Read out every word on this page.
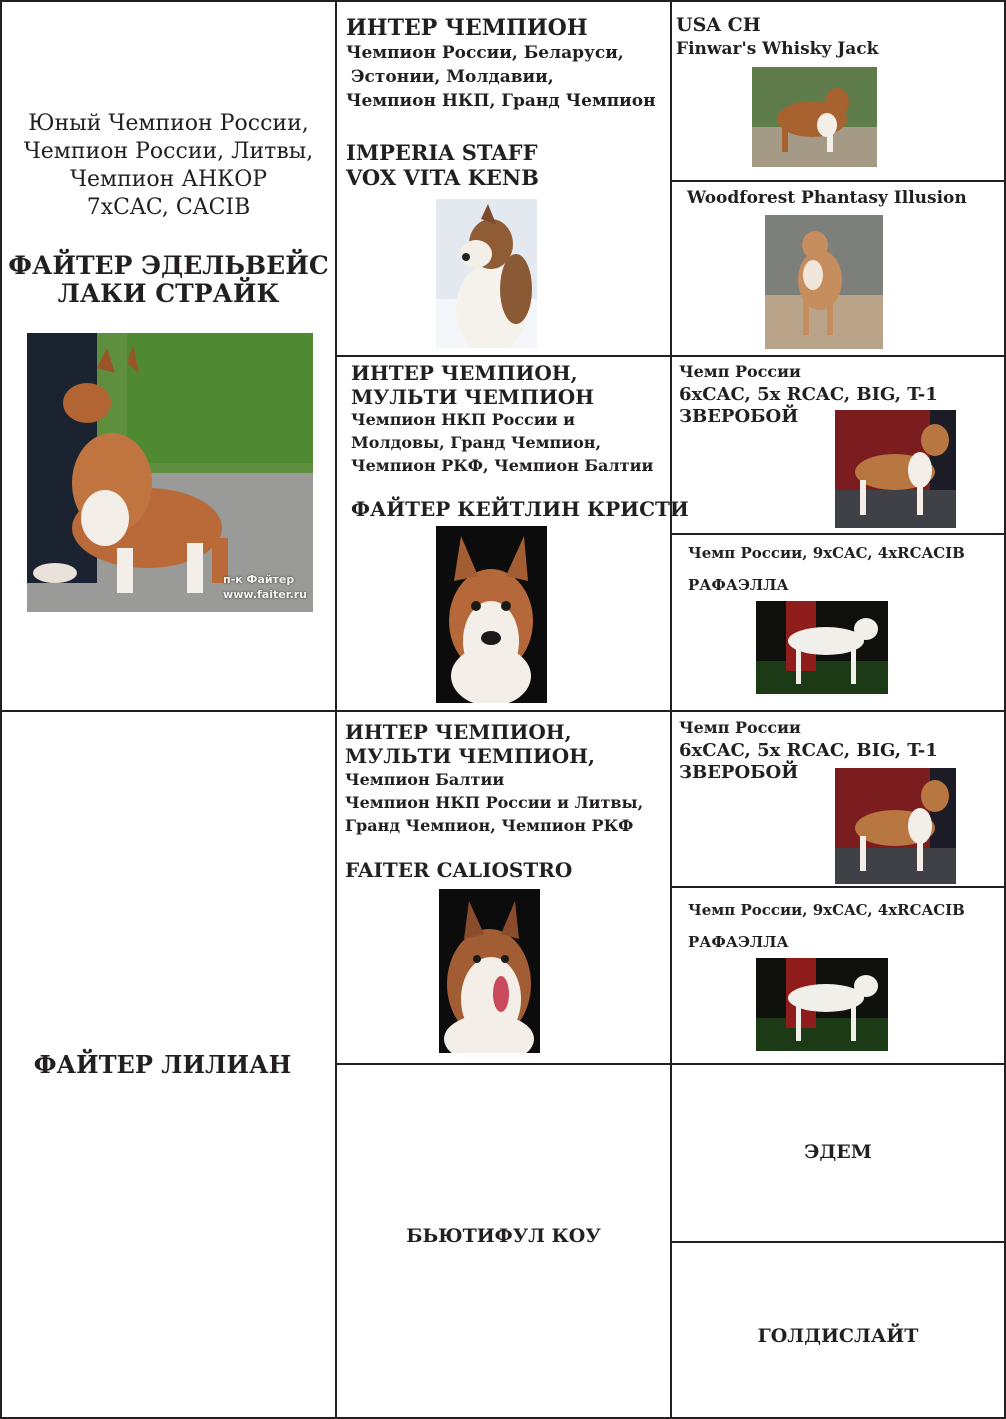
Юный Чемпион России,
Чемпион России, Литвы,
Чемпион АНКОР
7xCAC, CACIB
ФАЙТЕР ЭДЕЛЬВЕЙС
ЛАКИ СТРАЙК
п-к Файтер
www.faiter.ru
ФАЙТЕР ЛИЛИАН
ИНТЕР ЧЕМПИОН
Чемпион России, Беларуси,
Эстонии, Молдавии,
Чемпион НКП, Гранд Чемпион
IMPERIA STAFF
VOX VITA KENB
ИНТЕР ЧЕМПИОН,
МУЛЬТИ ЧЕМПИОН
Чемпион НКП России и
Молдовы, Гранд Чемпион,
Чемпион РКФ, Чемпион Балтии
ФАЙТЕР КЕЙТЛИН КРИСТИ
ИНТЕР ЧЕМПИОН,
МУЛЬТИ ЧЕМПИОН,
Чемпион Балтии
Чемпион НКП России и Литвы,
Гранд Чемпион, Чемпион РКФ
FAITER CALIOSTRO
БЬЮТИФУЛ КОУ
USA CH
Finwar's Whisky Jack
Woodforest Phantasy Illusion
Чемп России
6xCAC, 5x RCAC, BIG, T-1
ЗВЕРОБОЙ
Чемп России, 9xCAC, 4xRCACIB
РАФАЭЛЛА
Чемп России
6xCAC, 5x RCAC, BIG, T-1
ЗВЕРОБОЙ
Чемп России, 9xCAC, 4xRCACIB
РАФАЭЛЛА
ЭДЕМ
ГОЛДИСЛАЙТ
